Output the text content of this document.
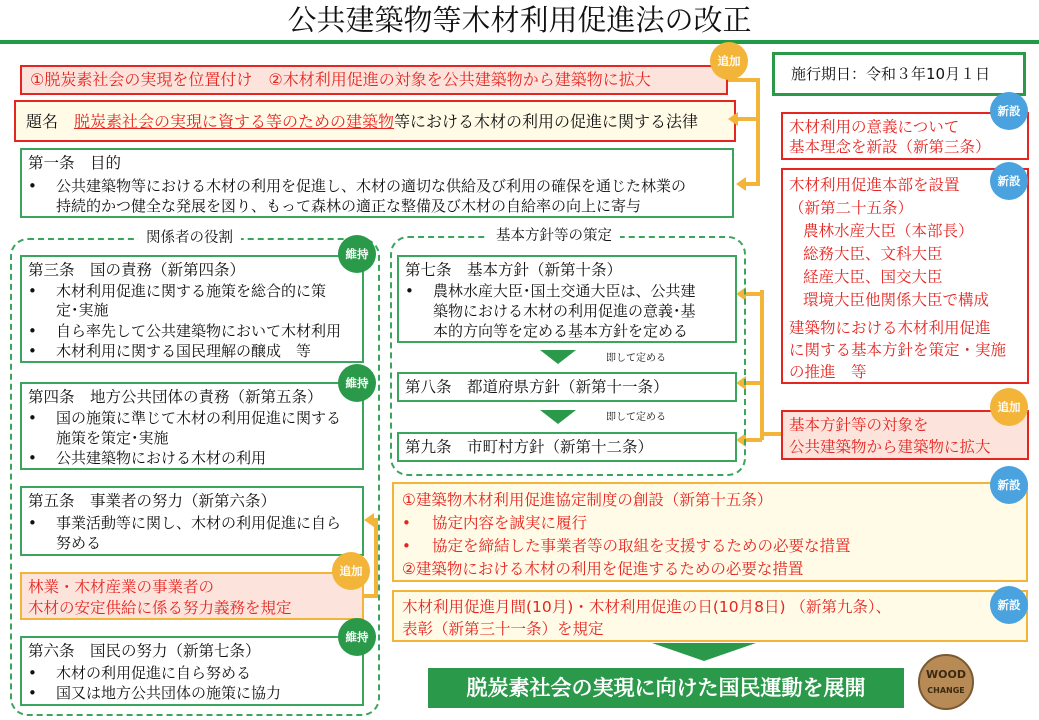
公共建築物等木材利用促進法の改正
①脱炭素社会の実現を位置付け　②木材利用促進の対象を公共建築物から建築物に拡大
追加
題名　 脱炭素社会の実現に資する等のための建築物等における木材の利用の促進に関する法律
第一条　目的
• 公共建築物等における木材の利用を促進し、木材の適切な供給及び利用の確保を通じた林業の
持続的かつ健全な発展を図り、もって森林の適正な整備及び木材の自給率の向上に寄与
施行期日：令和３年10月１日
木材利用の意義について
基本理念を新設（新第三条）
新設
木材利用促進本部を設置
（新第二十五条）
農林水産大臣（本部長）
総務大臣、文科大臣
経産大臣、国交大臣
環境大臣他関係大臣で構成
建築物における木材利用促進
に関する基本方針を策定・実施
の推進　等
新設
基本方針等の対象を
公共建築物から建築物に拡大
追加
関係者の役割
第三条　国の責務（新第四条）
• 木材利用促進に関する施策を総合的に策
定･実施
• 自ら率先して公共建築物において木材利用
• 木材利用に関する国民理解の醸成　等
維持
第四条　地方公共団体の責務（新第五条）
• 国の施策に準じて木材の利用促進に関する
施策を策定･実施
• 公共建築物における木材の利用
維持
第五条　事業者の努力（新第六条）
• 事業活動等に関し、木材の利用促進に自ら
努める
林業・木材産業の事業者の
木材の安定供給に係る努力義務を規定
追加
第六条　国民の努力（新第七条）
• 木材の利用促進に自ら努める
• 国又は地方公共団体の施策に協力
維持
基本方針等の策定
第七条　基本方針（新第十条）
• 農林水産大臣･国土交通大臣は、公共建
築物における木材の利用促進の意義･基
本的方向等を定める基本方針を定める
即して定める
第八条　都道府県方針（新第十一条）
即して定める
第九条　市町村方針（新第十二条）
①建築物木材利用促進協定制度の創設（新第十五条）
• 協定内容を誠実に履行
• 協定を締結した事業者等の取組を支援するための必要な措置
②建築物における木材の利用を促進するための必要な措置
新設
木材利用促進月間(10月)・木材利用促進の日(10月8日) （新第九条）、
表彰（新第三十一条）を規定
新設
脱炭素社会の実現に向けた国民運動を展開
WOOD
CHANGE
